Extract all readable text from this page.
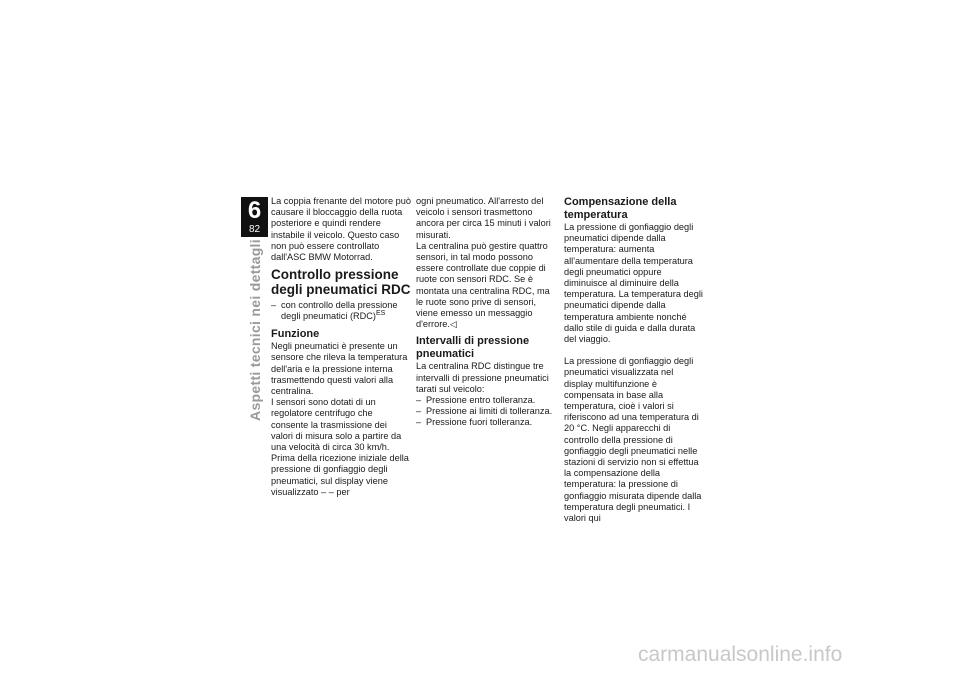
6
82
Aspetti tecnici nei dettagli

La coppia frenante del motore può causare il bloccaggio della ruota posteriore e quindi rendere instabile il veicolo. Questo caso non può essere controllato dall'ASC BMW Motorrad.

Controllo pressione degli pneumatici RDC
– con controllo della pressione degli pneumatici (RDC)$^{ES}$
Funzione

Negli pneumatici è presente un sensore che rileva la temperatura dell'aria e la pressione interna trasmettendo questi valori alla centralina.

I sensori sono dotati di un regolatore centrifugo che consente la trasmissione dei valori di misura solo a partire da una velocità di circa 30 km/h. Prima della ricezione iniziale della pressione di gonfiaggio degli pneumatici, sul display viene visualizzato – – per

ogni pneumatico. All'arresto del veicolo i sensori trasmettono ancora per circa 15 minuti i valori misurati.

La centralina può gestire quattro sensori, in tal modo possono essere controllate due coppie di ruote con sensori RDC. Se è montata una centralina RDC, ma le ruote sono prive di sensori, viene emesso un messaggio d'errore.◁

Intervalli di pressione pneumatici

La centralina RDC distingue tre intervalli di pressione pneumatici tarati sul veicolo:

– Pressione entro tolleranza.
– Pressione ai limiti di tolleranza.
– Pressione fuori tolleranza.
Compensazione della temperatura

La pressione di gonfiaggio degli pneumatici dipende dalla temperatura: aumenta all'aumentare della temperatura degli pneumatici oppure diminuisce al diminuire della temperatura. La temperatura degli pneumatici dipende dalla temperatura ambiente nonché dallo stile di guida e dalla durata del viaggio.

La pressione di gonfiaggio degli pneumatici visualizzata nel display multifunzione è compensata in base alla temperatura, cioè i valori si riferiscono ad una temperatura di 20 °C. Negli apparecchi di controllo della pressione di gonfiaggio degli pneumatici nelle stazioni di servizio non si effettua la compensazione della temperatura: la pressione di gonfiaggio misurata dipende dalla temperatura degli pneumatici. I valori qui

carmanualsonline.info
